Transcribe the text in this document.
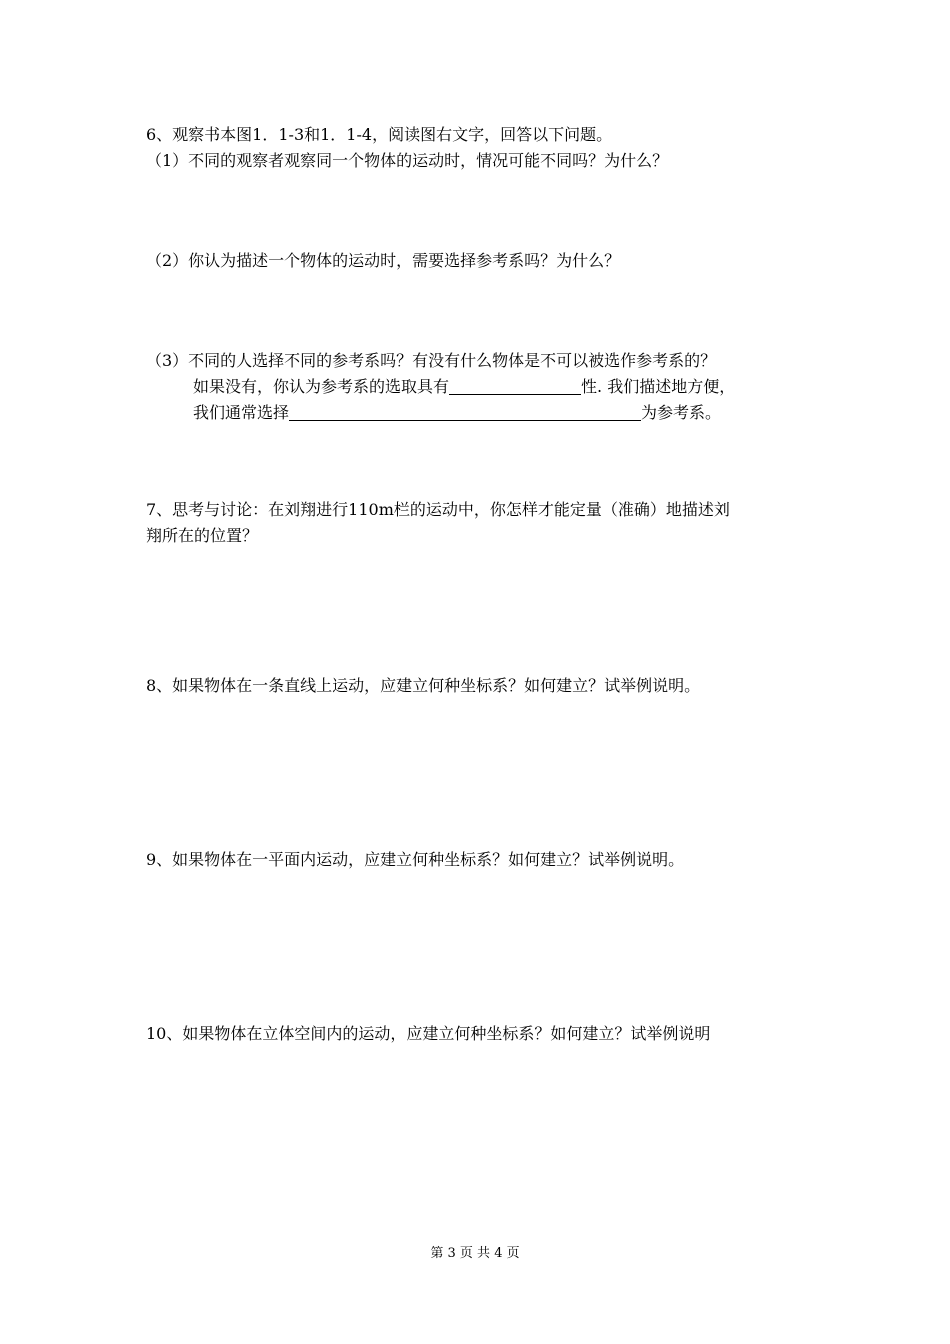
6、观察书本图1．1-3和1．1-4，阅读图右文字，回答以下问题。
（1）不同的观察者观察同一个物体的运动时，情况可能不同吗？为什么？
（2）你认为描述一个物体的运动时，需要选择参考系吗？为什么？
（3）不同的人选择不同的参考系吗？有没有什么物体是不可以被选作参考系的？
如果没有，你认为参考系的选取具有	性. 我们描述地方便，
我们通常选择	为参考系。
7、思考与讨论：在刘翔进行110m栏的运动中，你怎样才能定量（准确）地描述刘
翔所在的位置？
8、如果物体在一条直线上运动，应建立何种坐标系？如何建立？试举例说明。
9、如果物体在一平面内运动，应建立何种坐标系？如何建立？试举例说明。
10、如果物体在立体空间内的运动，应建立何种坐标系？如何建立？试举例说明
第 3 页 共 4 页
